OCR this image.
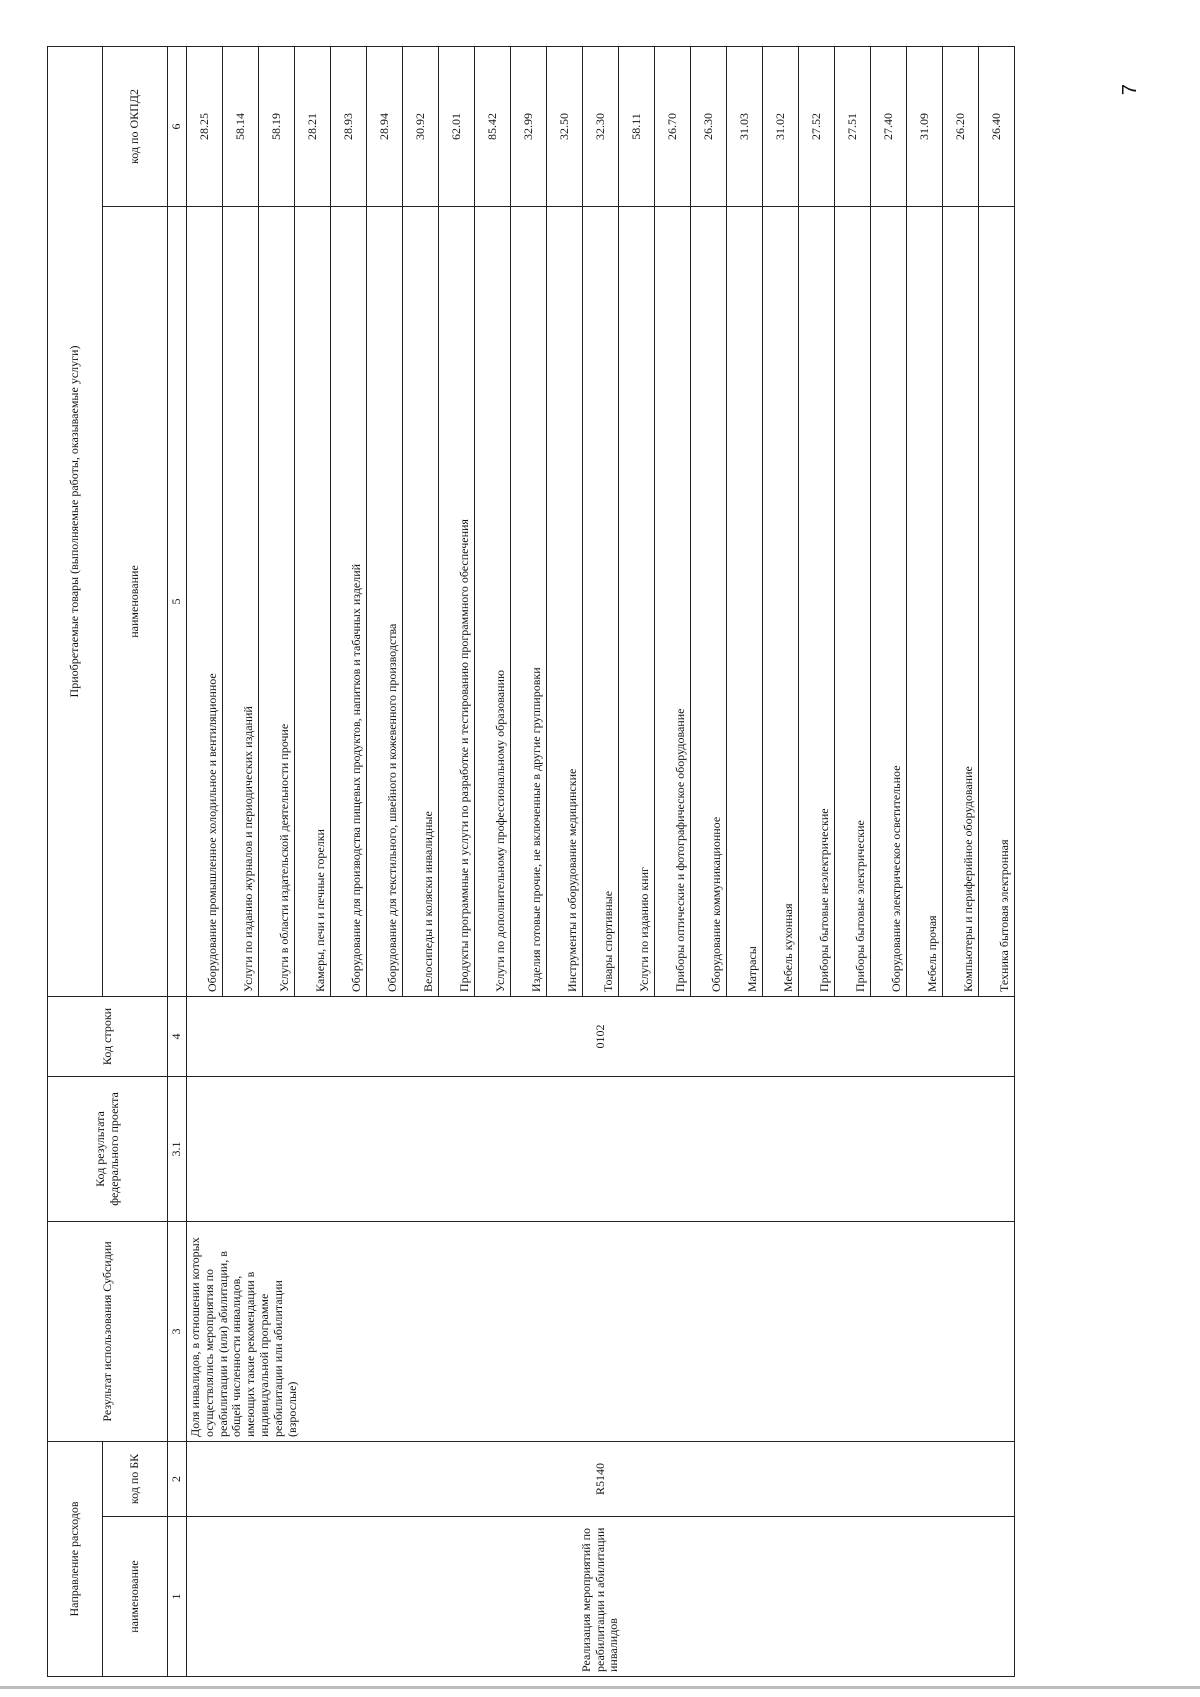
7
Направление расходов		Результат использования Субсидии	Код результата федерального проекта	Код строки	Приобретаемые товары (выполняемые работы, оказываемые услуги)	
наименование	код по БК				наименование	код по ОКПД2
1	2	3	3.1	4	5	6
Реализация мероприятий по реабилитации и абилитации инвалидов	R5140	Доля инвалидов, в отношении которых осуществлялись мероприятия по реабилитации и (или) абилитации, в общей численности инвалидов, имеющих такие рекомендации в индивидуальной программе реабилитации или абилитации (взрослые)		0102	Оборудование промышленное холодильное и вентиляционное	28.25
					Услуги по изданию журналов и периодических изданий	58.14
					Услуги в области издательской деятельности прочие	58.19
					Камеры, печи и печные горелки	28.21
					Оборудование для производства пищевых продуктов, напитков и табачных изделий	28.93
					Оборудование для текстильного, швейного и кожевенного производства	28.94
					Велосипеды и коляски инвалидные	30.92
					Продукты программные и услуги по разработке и тестированию программного обеспечения	62.01
					Услуги по дополнительному профессиональному образованию	85.42
					Изделия готовые прочие, не включенные в другие группировки	32.99
					Инструменты и оборудование медицинские	32.50
					Товары спортивные	32.30
					Услуги по изданию книг	58.11
					Приборы оптические и фотографическое оборудование	26.70
					Оборудование коммуникационное	26.30
					Матрасы	31.03
					Мебель кухонная	31.02
					Приборы бытовые неэлектрические	27.52
					Приборы бытовые электрические	27.51
					Оборудование электрическое осветительное	27.40
					Мебель прочая	31.09
					Компьютеры и периферийное оборудование	26.20
					Техника бытовая электронная	26.40
